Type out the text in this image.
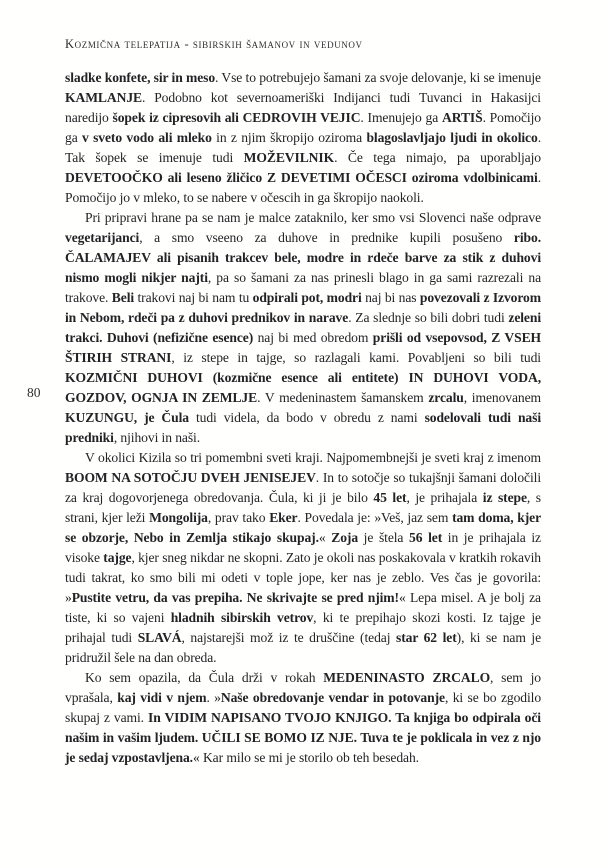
Kozmična telepatija - sibirskih šamanov in vedunov
80

sladke konfete, sir in meso. Vse to potrebujejo šamani za svoje delovanje, ki se imenuje KAMLANJE. Podobno kot severnoameriški Indijanci tudi Tuvanci in Hakasijci naredijo šopek iz cipresovih ali CEDROVIH VEJIC. Imenujejo ga ARTIŠ. Pomočijo ga v sveto vodo ali mleko in z njim škropijo oziroma blagoslavljajo ljudi in okolico. Tak šopek se imenuje tudi MOŽEVILNIK. Če tega nimajo, pa uporabljajo DEVETOOČKO ali leseno žličico Z DEVETIMI OČESCI oziroma vdolbinicami. Pomočijo jo v mleko, to se nabere v očescih in ga škropijo naokoli.

Pri pripravi hrane pa se nam je malce zataknilo, ker smo vsi Slovenci naše odprave vegetarijanci, a smo vseeno za duhove in prednike kupili posušeno ribo. ČALAMAJEV ali pisanih trakcev bele, modre in rdeče barve za stik z duhovi nismo mogli nikjer najti, pa so šamani za nas prinesli blago in ga sami razrezali na trakove. Beli trakovi naj bi nam tu odpirali pot, modri naj bi nas povezovali z Izvorom in Nebom, rdeči pa z duhovi prednikov in narave. Za slednje so bili dobri tudi zeleni trakci. Duhovi (nefizične esence) naj bi med obredom prišli od vsepovsod, Z VSEH ŠTIRIH STRANI, iz stepe in tajge, so razlagali kami. Povabljeni so bili tudi KOZMIČNI DUHOVI (kozmične esence ali entitete) IN DUHOVI VODA, GOZDOV, OGNJA IN ZEMLJE. V medeninastem šamanskem zrcalu, imenovanem KUZUNGU, je Čula tudi videla, da bodo v obredu z nami sodelovali tudi naši predniki, njihovi in naši.

V okolici Kizila so tri pomembni sveti kraji. Najpomembnejši je sveti kraj z imenom BOOM NA SOTOČJU DVEH JENISEJEV. In to sotočje so tukajšnji šamani določili za kraj dogovorjenega obredovanja. Čula, ki ji je bilo 45 let, je prihajala iz stepe, s strani, kjer leži Mongolija, prav tako Eker. Povedala je: »Veš, jaz sem tam doma, kjer se obzorje, Nebo in Zemlja stikajo skupaj.« Zoja je štela 56 let in je prihajala iz visoke tajge, kjer sneg nikdar ne skopni. Zato je okoli nas poskakovala v kratkih rokavih tudi takrat, ko smo bili mi odeti v tople jope, ker nas je zeblo. Ves čas je govorila: »Pustite vetru, da vas prepiha. Ne skrivajte se pred njim!« Lepa misel. A je bolj za tiste, ki so vajeni hladnih sibirskih vetrov, ki te prepihajo skozi kosti. Iz tajge je prihajal tudi SLAVÁ, najstarejši mož iz te druščine (tedaj star 62 let), ki se nam je pridružil šele na dan obreda.

Ko sem opazila, da Čula drži v rokah MEDENINASTO ZRCALO, sem jo vprašala, kaj vidi v njem. »Naše obredovanje vendar in potovanje, ki se bo zgodilo skupaj z vami. In VIDIM NAPISANO TVOJO KNJIGO. Ta knjiga bo odpirala oči našim in vašim ljudem. UČILI SE BOMO IZ NJE. Tuva te je poklicala in vez z njo je sedaj vzpostavljena.« Kar milo se mi je storilo ob teh besedah.
